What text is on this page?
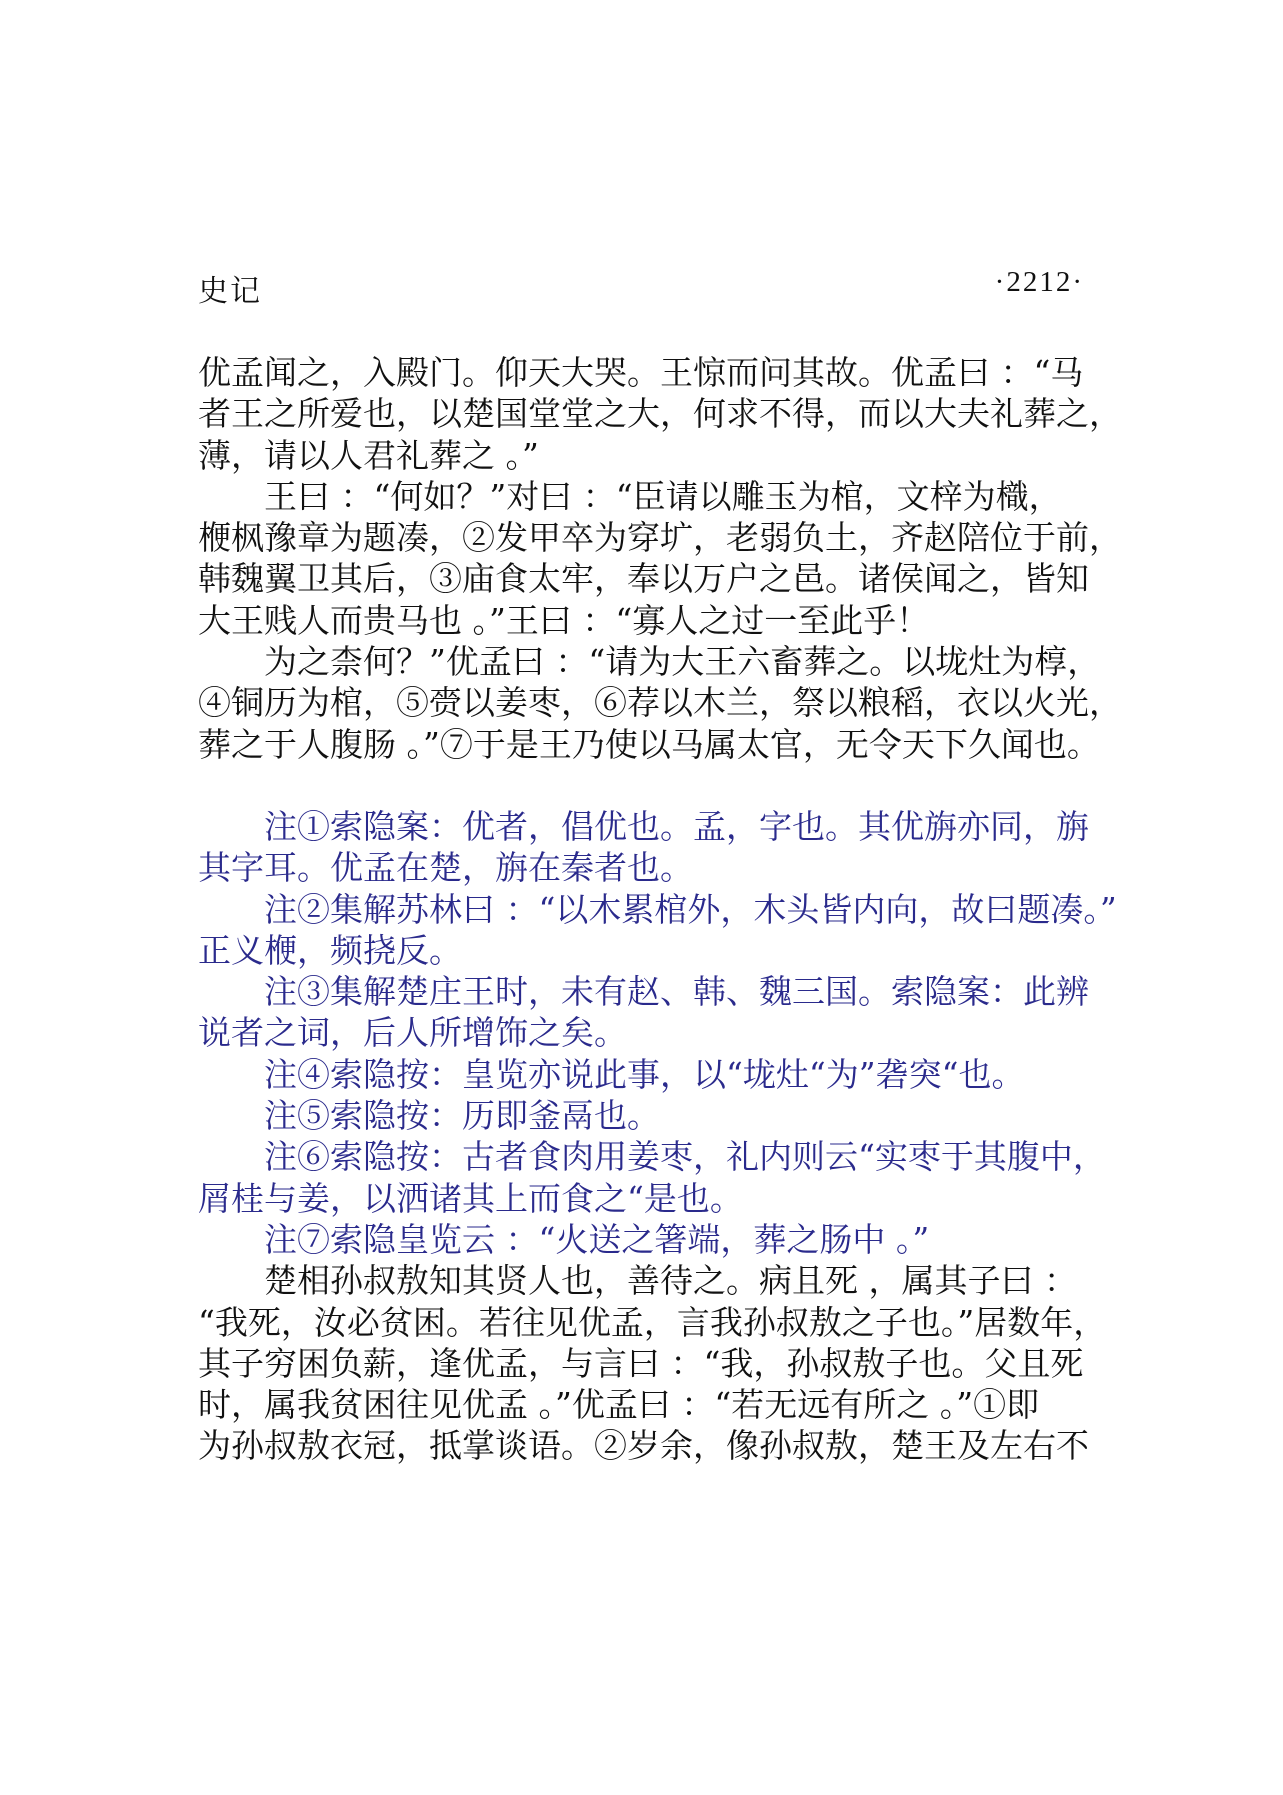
史记	·2212·

优孟闻之，入殿门。仰天大哭。王惊而问其故。优孟曰 ：“马
者王之所爱也，以楚国堂堂之大，何求不得，而以大夫礼葬之，
薄，请以人君礼葬之 。”

王曰 ：“何如？”对曰 ：“臣请以雕玉为棺，文梓为樴，
楩枫豫章为题凑，②发甲卒为穿圹，老弱负土，齐赵陪位于前，
韩魏翼卫其后，③庙食太牢，奉以万户之邑。诸侯闻之，皆知
大王贱人而贵马也 。”王曰 ：“寡人之过一至此乎！

为之柰何？”优孟曰 ：“请为大王六畜葬之。以垅灶为椁，
④铜历为棺，⑤赍以姜枣，⑥荐以木兰，祭以粮稻，衣以火光，
葬之于人腹肠 。”⑦于是王乃使以马属太官，无令天下久闻也。

注①索隐案：优者，倡优也。孟，字也。其优旃亦同，旃
其字耳。优孟在楚，旃在秦者也。

注②集解苏林曰 ：“以木累棺外，木头皆内向，故曰题凑。”
正义楩，频挠反。

注③集解楚庄王时，未有赵、韩、魏三国。索隐案：此辨
说者之词，后人所增饰之矣。

注④索隐按：皇览亦说此事，以“垅灶“为”砻突“也。

注⑤索隐按：历即釜鬲也。

注⑥索隐按：古者食肉用姜枣，礼内则云“实枣于其腹中，
屑桂与姜，以洒诸其上而食之“是也。

注⑦索隐皇览云 ：“火送之箸端，葬之肠中 。”

楚相孙叔敖知其贤人也，善待之。病且死 ，属其子曰 ：
“我死，汝必贫困。若往见优孟，言我孙叔敖之子也。”居数年，
其子穷困负薪，逢优孟，与言曰 ：“我，孙叔敖子也。父且死
时，属我贫困往见优孟 。”优孟曰 ：“若无远有所之 。”①即
为孙叔敖衣冠，抵掌谈语。②岁余，像孙叔敖，楚王及左右不
